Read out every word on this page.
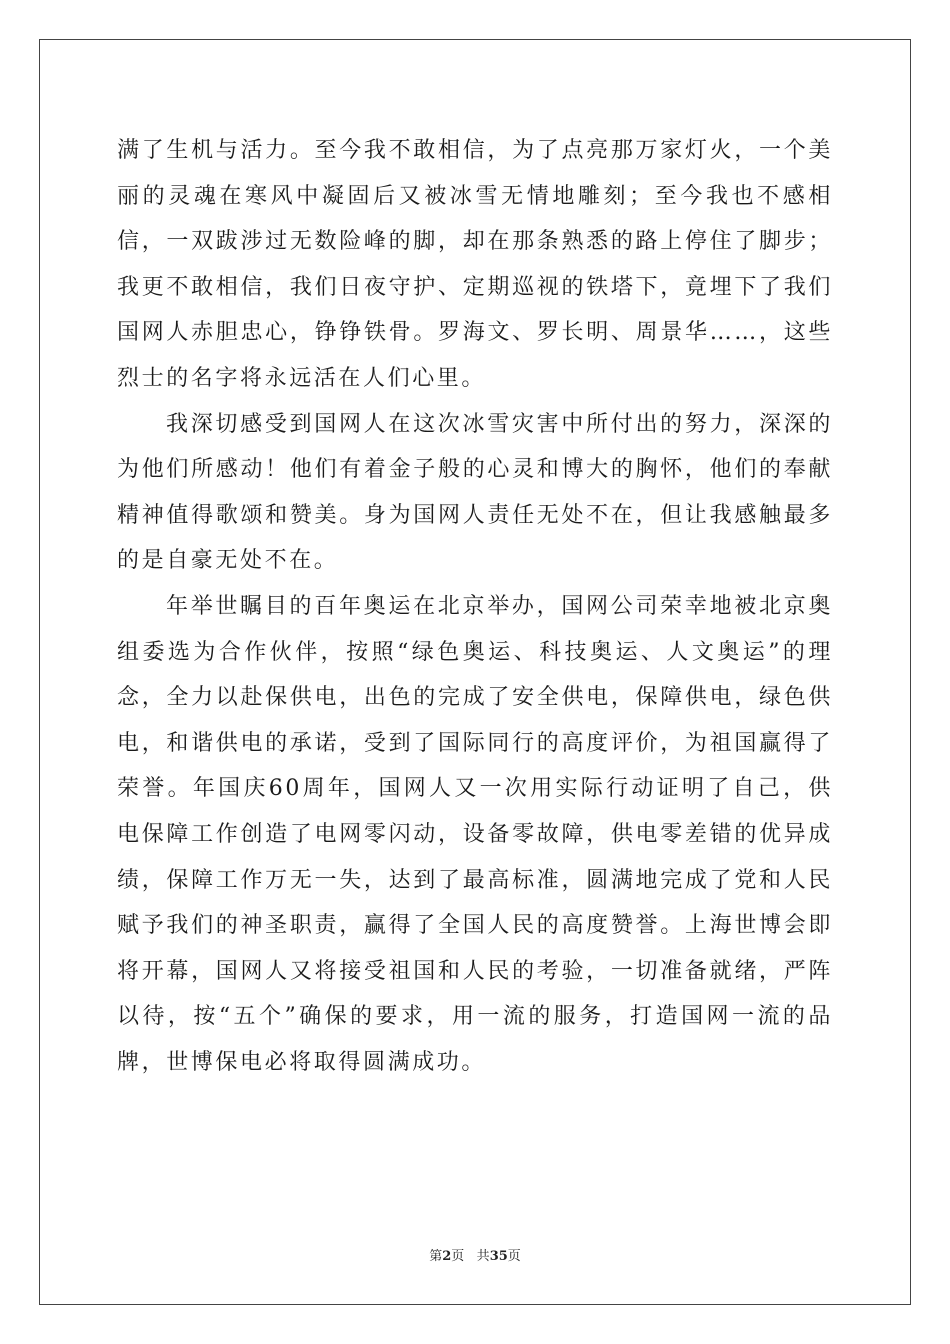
满了生机与活力。至今我不敢相信，为了点亮那万家灯火，一个美丽的灵魂在寒风中凝固后又被冰雪无情地雕刻；至今我也不感相信，一双跋涉过无数险峰的脚，却在那条熟悉的路上停住了脚步；我更不敢相信，我们日夜守护、定期巡视的铁塔下，竟埋下了我们国网人赤胆忠心，铮铮铁骨。罗海文、罗长明、周景华……，这些烈士的名字将永远活在人们心里。

我深切感受到国网人在这次冰雪灾害中所付出的努力，深深的为他们所感动！他们有着金子般的心灵和博大的胸怀，他们的奉献精神值得歌颂和赞美。身为国网人责任无处不在，但让我感触最多的是自豪无处不在。

年举世瞩目的百年奥运在北京举办，国网公司荣幸地被北京奥组委选为合作伙伴，按照“绿色奥运、科技奥运、人文奥运”的理念，全力以赴保供电，出色的完成了安全供电，保障供电，绿色供电，和谐供电的承诺，受到了国际同行的高度评价，为祖国赢得了荣誉。年国庆60周年，国网人又一次用实际行动证明了自己，供电保障工作创造了电网零闪动，设备零故障，供电零差错的优异成绩，保障工作万无一失，达到了最高标准，圆满地完成了党和人民赋予我们的神圣职责，赢得了全国人民的高度赞誉。上海世博会即将开幕，国网人又将接受祖国和人民的考验，一切准备就绪，严阵以待，按“五个”确保的要求，用一流的服务，打造国网一流的品牌，世博保电必将取得圆满成功。

第2页 共35页
